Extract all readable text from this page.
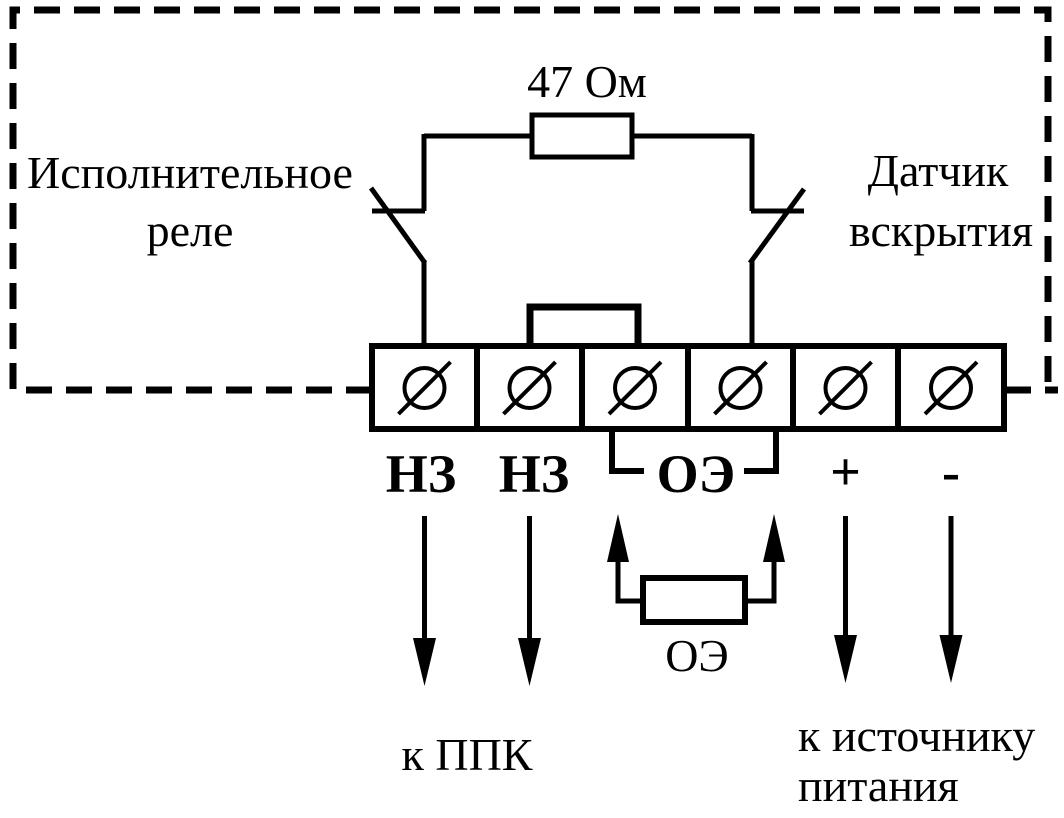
47 Ом
НЗ НЗ ОЭ + -
ОЭ
Исполнительное
реле
Датчик
вскрытия
к ППК	к источнику
питания
